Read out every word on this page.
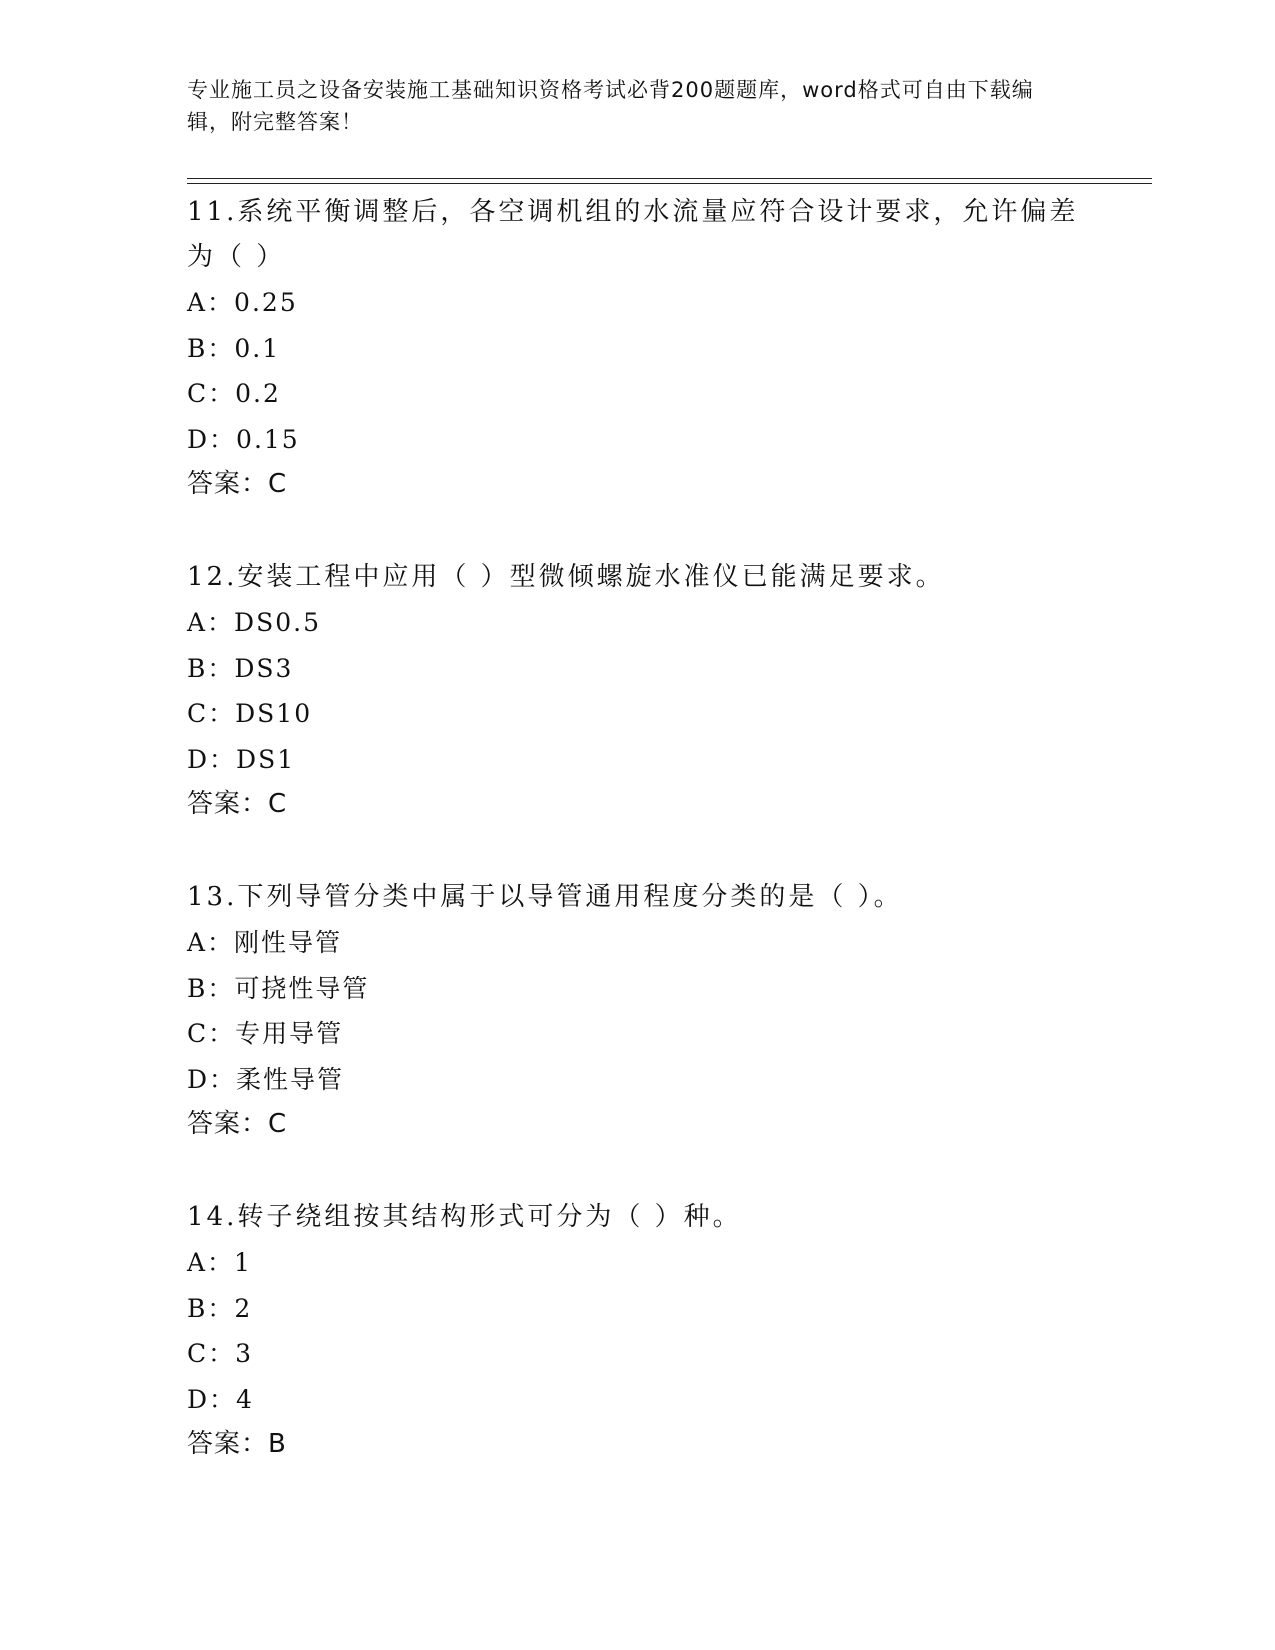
专业施工员之设备安装施工基础知识资格考试必背200题题库，word格式可自由下载编辑，附完整答案！

11.系统平衡调整后，各空调机组的水流量应符合设计要求，允许偏差为（ ）

A：0.25

B：0.1

C：0.2

D：0.15

答案：C

12.安装工程中应用（ ）型微倾螺旋水准仪已能满足要求。

A：DS0.5

B：DS3

C：DS10

D：DS1

答案：C

13.下列导管分类中属于以导管通用程度分类的是（ ）。

A：刚性导管

B：可挠性导管

C：专用导管

D：柔性导管

答案：C

14.转子绕组按其结构形式可分为（ ）种。

A：1

B：2

C：3

D：4

答案：B
